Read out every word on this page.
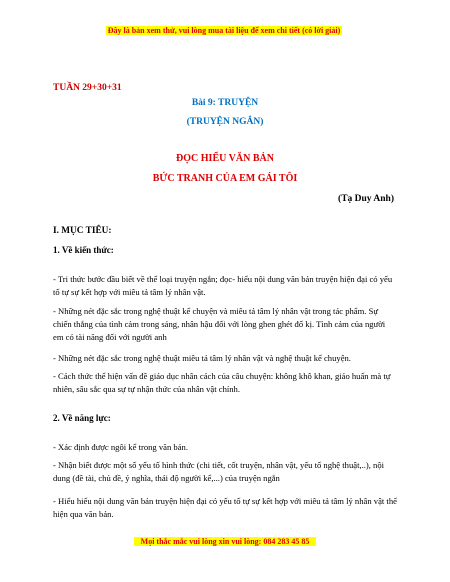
Đây là bản xem thử, vui lòng mua tài liệu để xem chi tiết (có lời giải)
TUẦN 29+30+31
Bài 9: TRUYỆN
(TRUYỆN NGẮN)
ĐỌC HIỂU VĂN BẢN
BỨC TRANH CỦA EM GÁI TÔI
(Tạ Duy Anh)
I. MỤC TIÊU:
1. Về kiến thức:

- Tri thức bước đầu biết về thể loại truyện ngắn; đọc- hiểu nội dung văn bản truyện hiện đại có yếu tố tự sự kết hợp với miêu tả tâm lý nhân vật.

- Những nét đặc sắc trong nghệ thuật kể chuyện và miêu tả tâm lý nhân vật trong tác phẩm. Sự chiến thắng của tình cảm trong sáng, nhân hậu đối với lòng ghen ghét đố kị. Tình cảm của người em có tài năng đối với người anh

- Những nét đặc sắc trong nghệ thuật miêu tả tâm lý nhân vật và nghệ thuật kể chuyện.

- Cách thức thể hiện vấn đề giáo dục nhân cách của câu chuyện: không khô khan, giáo huấn mà tự nhiên, sâu sắc qua sự tự nhận thức của nhân vật chính.

2. Về năng lực:

- Xác định được ngôi kể trong văn bản.

- Nhận biết được một số yếu tố hình thức (chi tiết, cốt truyện, nhân vật, yếu tố nghệ thuật,..), nội dung (đề tài, chủ đề, ý nghĩa, thái độ người kể,...) của truyện ngắn

- Hiểu hiểu nội dung văn bản truyện hiện đại có yếu tố tự sự kết hợp với miêu tả tâm lý nhân vật thể hiện qua văn bản.

Mọi thắc mắc vui lòng xin vui lòng: 084 283 45 85
